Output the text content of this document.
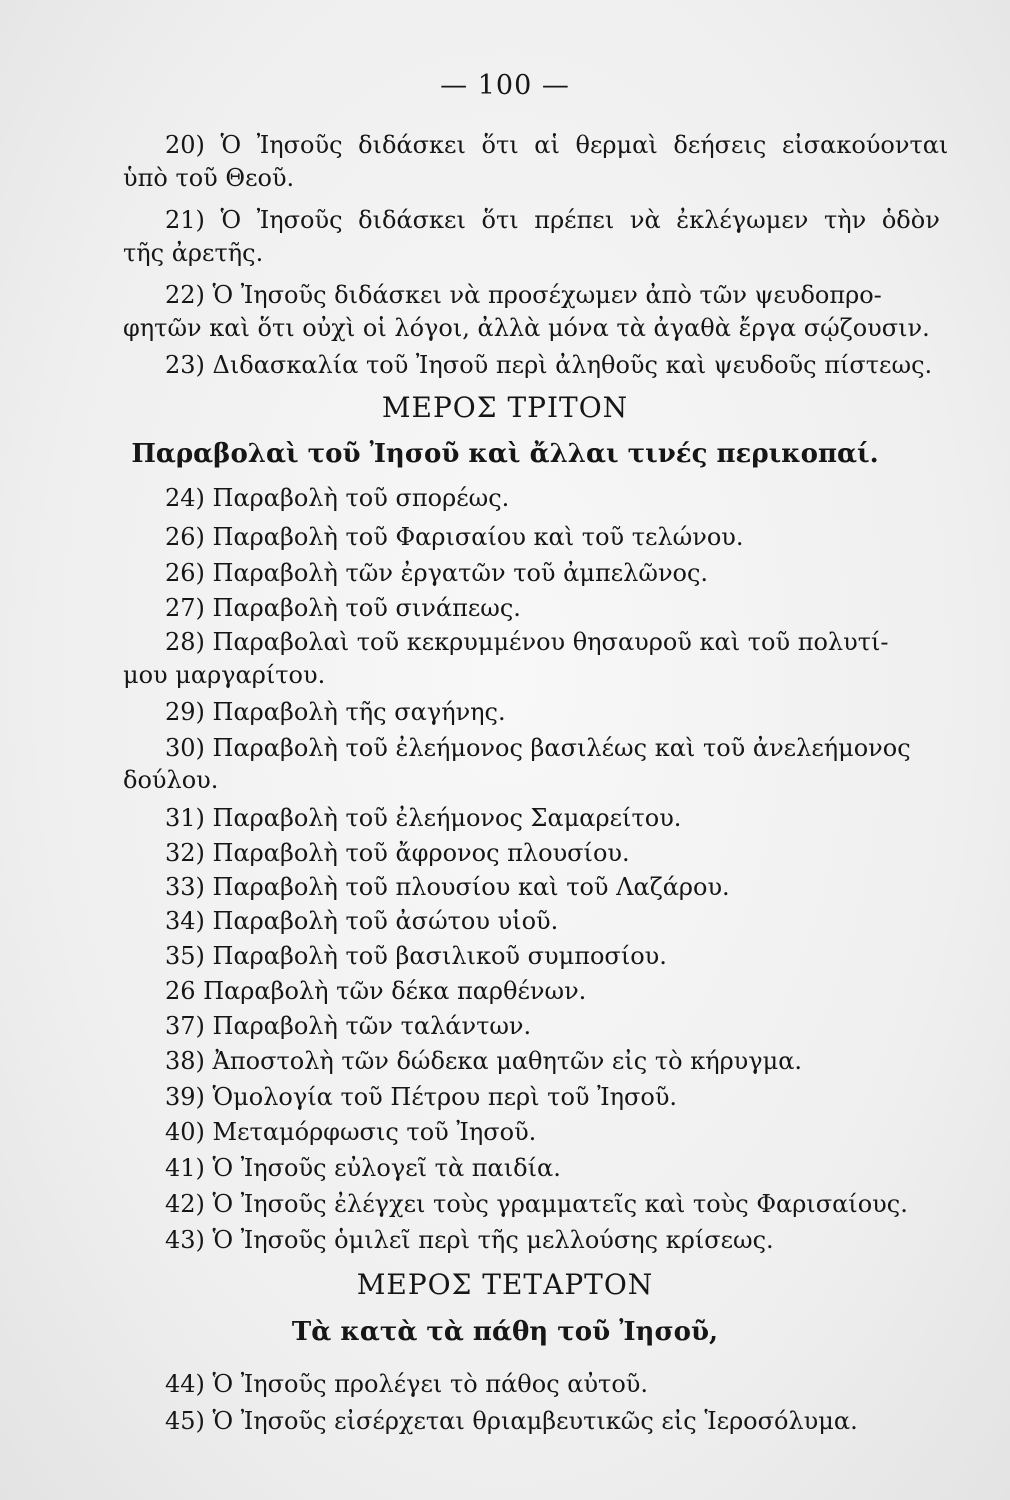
— 100 —
20) Ὁ Ἰησοῦς διδάσκει ὅτι αἱ θερμαὶ δεήσεις εἰσακούονται
ὑπὸ τοῦ Θεοῦ.
21) Ὁ Ἰησοῦς διδάσκει ὅτι πρέπει νὰ ἐκλέγωμεν τὴν ὁδὸν
τῆς ἀρετῆς.
22) Ὁ Ἰησοῦς διδάσκει νὰ προσέχωμεν ἀπὸ τῶν ψευδοπρο-
φητῶν καὶ ὅτι οὐχὶ οἱ λόγοι, ἀλλὰ μόνα τὰ ἀγαθὰ ἔργα σῴζουσιν.
23) Διδασκαλία τοῦ Ἰησοῦ περὶ ἀληθοῦς καὶ ψευδοῦς πίστεως.
ΜΕΡΟΣ ΤΡΙΤΟΝ
Παραβολαὶ τοῦ Ἰησοῦ καὶ ἄλλαι τινές περικοπαί.
24) Παραβολὴ τοῦ σπορέως.
26) Παραβολὴ τοῦ Φαρισαίου καὶ τοῦ τελώνου.
26) Παραβολὴ τῶν ἐργατῶν τοῦ ἀμπελῶνος.
27) Παραβολὴ τοῦ σινάπεως.
28) Παραβολαὶ τοῦ κεκρυμμένου θησαυροῦ καὶ τοῦ πολυτί-
μου μαργαρίτου.
29) Παραβολὴ τῆς σαγήνης.
30) Παραβολὴ τοῦ ἐλεήμονος βασιλέως καὶ τοῦ ἀνελεήμονος
δούλου.
31) Παραβολὴ τοῦ ἐλεήμονος Σαμαρείτου.
32) Παραβολὴ τοῦ ἄφρονος πλουσίου.
33) Παραβολὴ τοῦ πλουσίου καὶ τοῦ Λαζάρου.
34) Παραβολὴ τοῦ ἀσώτου υἱοῦ.
35) Παραβολὴ τοῦ βασιλικοῦ συμποσίου.
26 Παραβολὴ τῶν δέκα παρθένων.
37) Παραβολὴ τῶν ταλάντων.
38) Ἀποστολὴ τῶν δώδεκα μαθητῶν εἰς τὸ κήρυγμα.
39) Ὁμολογία τοῦ Πέτρου περὶ τοῦ Ἰησοῦ.
40) Μεταμόρφωσις τοῦ Ἰησοῦ.
41) Ὁ Ἰησοῦς εὐλογεῖ τὰ παιδία.
42) Ὁ Ἰησοῦς ἐλέγχει τοὺς γραμματεῖς καὶ τοὺς Φαρισαίους.
43) Ὁ Ἰησοῦς ὁμιλεῖ περὶ τῆς μελλούσης κρίσεως.
ΜΕΡΟΣ ΤΕΤΑΡΤΟΝ
Τὰ κατὰ τὰ πάθη τοῦ Ἰησοῦ,
44) Ὁ Ἰησοῦς προλέγει τὸ πάθος αὐτοῦ.
45) Ὁ Ἰησοῦς εἰσέρχεται θριαμβευτικῶς εἰς Ἱεροσόλυμα.
